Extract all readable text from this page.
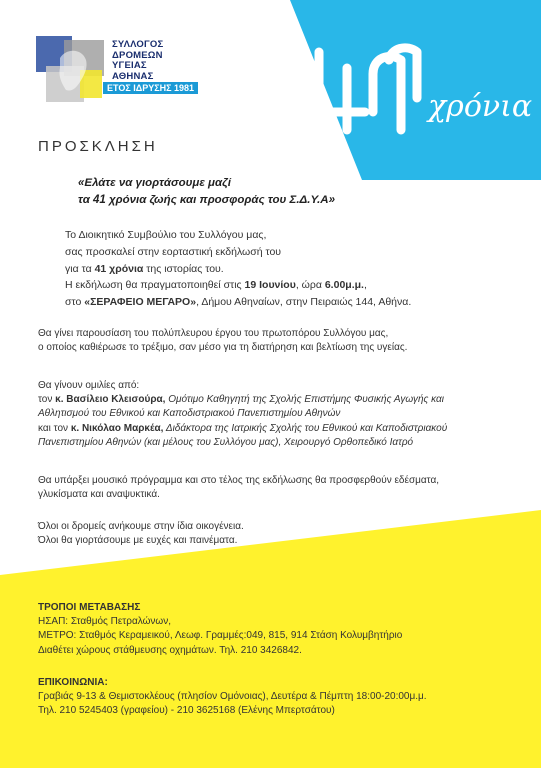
ΣΥΛΛΟΓΟΣ
ΔΡΟΜΕΩΝ
ΥΓΕΙΑΣ
ΑΘΗΝΑΣ
ΕΤΟΣ ΙΔΡΥΣΗΣ 1981
χρόνια
ΠΡΟΣΚΛΗΣΗ
«Ελάτε να γιορτάσουμε μαζί
τα 41 χρόνια ζωής και προσφοράς του Σ.Δ.Υ.Α»
Το Διοικητικό Συμβούλιο του Συλλόγου μας,
σας προσκαλεί στην εορταστική εκδήλωσή του
για τα 41 χρόνια της ιστορίας του.
Η εκδήλωση θα πραγματοποιηθεί στις 19 Ιουνίου, ώρα 6.00μ.μ.,
στο «ΣΕΡΑΦΕΙΟ ΜΕΓΑΡΟ», Δήμου Αθηναίων, στην Πειραιώς 144, Αθήνα.
Θα γίνει παρουσίαση του πολύπλευρου έργου του πρωτοπόρου Συλλόγου μας,
ο οποίος καθιέρωσε το τρέξιμο, σαν μέσο για τη διατήρηση και βελτίωση της υγείας.
Θα γίνουν ομιλίες από:
τον κ. Βασίλειο Κλεισούρα, Ομότιμο Καθηγητή της Σχολής Επιστήμης Φυσικής Αγωγής και
Αθλητισμού του Εθνικού και Καποδιστριακού Πανεπιστημίου Αθηνών
και τον κ. Νικόλαο Μαρκέα, Διδάκτορα της Ιατρικής Σχολής του Εθνικού και Καποδιστριακού
Πανεπιστημίου Αθηνών (και μέλους του Συλλόγου μας), Χειρουργό Ορθοπεδικό Ιατρό
Θα υπάρξει μουσικό πρόγραμμα και στο τέλος της εκδήλωσης θα προσφερθούν εδέσματα,
γλυκίσματα και αναψυκτικά.
Όλοι οι δρομείς ανήκουμε στην ίδια οικογένεια.
Όλοι θα γιορτάσουμε με ευχές και παινέματα.
ΤΡΟΠΟΙ ΜΕΤΑΒΑΣΗΣ
ΗΣΑΠ: Σταθμός Πετραλώνων,
ΜΕΤΡΟ: Σταθμός Κεραμεικού, Λεωφ. Γραμμές:049, 815, 914 Στάση Κολυμβητήριο
Διαθέτει χώρους στάθμευσης οχημάτων. Τηλ. 210 3426842.
ΕΠΙΚΟΙΝΩΝΙΑ:
Γραβιάς 9-13 & Θεμιστοκλέους (πλησίον Ομόνοιας), Δευτέρα & Πέμπτη 18:00-20:00μ.μ.
Τηλ. 210 5245403 (γραφείου) - 210 3625168 (Ελένης Μπερτσάτου)
